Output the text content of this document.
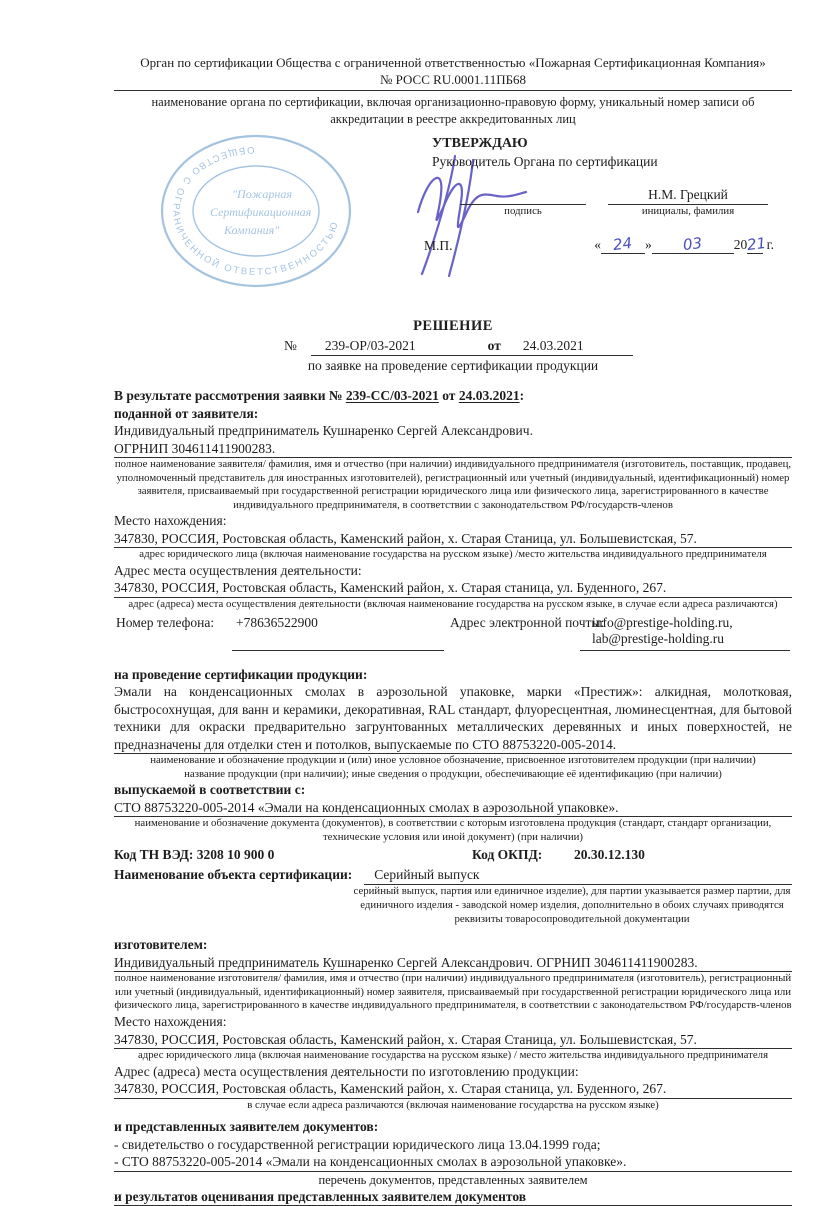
Орган по сертификации Общества с ограниченной ответственностью «Пожарная Сертификационная Компания»
№ РОСС RU.0001.11ПБ68
наименование органа по сертификации, включая организационно-правовую форму, уникальный номер записи об аккредитации в реестре аккредитованных лиц
ОБЩЕСТВО С ОГРАНИЧЕННОЙ ОТВЕТСТВЕННОСТЬЮ
"Пожарная
Сертификационная
Компания"
УТВЕРЖДАЮ
Руководитель Органа по сертификации
подпись
Н.М. Грецкий
инициалы, фамилия
М.П.	« 24 » 03 2021 г.
РЕШЕНИЕ
№ 239-ОР/03-2021	от 24.03.2021
по заявке на проведение сертификации продукции
В результате рассмотрения заявки № 239-СС/03-2021 от 24.03.2021:
поданной от заявителя:
Индивидуальный предприниматель Кушнаренко Сергей Александрович.
ОГРНИП 304611411900283.
полное наименование заявителя/ фамилия, имя и отчество (при наличии) индивидуального предпринимателя (изготовитель, поставщик, продавец, уполномоченный представитель для иностранных изготовителей), регистрационный или учетный (индивидуальный, идентификационный) номер заявителя, присваиваемый при государственной регистрации юридического лица или физического лица, зарегистрированного в качестве индивидуального предпринимателя, в соответствии с законодательством РФ/государств-членов
Место нахождения:
347830, РОССИЯ, Ростовская область, Каменский район, х. Старая Станица, ул. Большевистская, 57.
адрес юридического лица (включая наименование государства на русском языке) /место жительства индивидуального предпринимателя
Адрес места осуществления деятельности:
347830, РОССИЯ, Ростовская область, Каменский район, х. Старая станица, ул. Буденного, 267.
адрес (адреса) места осуществления деятельности (включая наименование государства на русском языке, в случае если адреса различаются)
Номер телефона: +78636522900	Адрес электронной почты:
info@prestige-holding.ru,
lab@prestige-holding.ru
на проведение сертификации продукции:
Эмали на конденсационных смолах в аэрозольной упаковке, марки «Престиж»: алкидная, молотковая, быстросохнущая, для ванн и керамики, декоративная, RAL стандарт, флуоресцентная, люминесцентная, для бытовой техники для окраски предварительно загрунтованных металлических деревянных и иных поверхностей, не предназначены для отделки стен и потолков, выпускаемые по СТО 88753220-005-2014.
наименование и обозначение продукции и (или) иное условное обозначение, присвоенное изготовителем продукции (при наличии)
название продукции (при наличии); иные сведения о продукции, обеспечивающие её идентификацию (при наличии)
выпускаемой в соответствии с:
СТО 88753220-005-2014 «Эмали на конденсационных смолах в аэрозольной упаковке».
наименование и обозначение документа (документов), в соответствии с которым изготовлена продукция (стандарт, стандарт организации, технические условия или иной документ) (при наличии)
Код ТН ВЭД: 3208 10 900 0	Код ОКПД: 20.30.12.130
Наименование объекта сертификации:	Серийный выпуск
серийный выпуск, партия или единичное изделие), для партии указывается размер партии, для единичного изделия - заводской номер изделия, дополнительно в обоих случаях приводятся реквизиты товаросопроводительной документации
изготовителем:
Индивидуальный предприниматель Кушнаренко Сергей Александрович. ОГРНИП 304611411900283.
полное наименование изготовителя/ фамилия, имя и отчество (при наличии) индивидуального предпринимателя (изготовитель), регистрационный или учетный (индивидуальный, идентификационный) номер заявителя, присваиваемый при государственной регистрации юридического лица или физического лица, зарегистрированного в качестве индивидуального предпринимателя, в соответствии с законодательством РФ/государств-членов
Место нахождения:
347830, РОССИЯ, Ростовская область, Каменский район, х. Старая Станица, ул. Большевистская, 57.
адрес юридического лица (включая наименование государства на русском языке) / место жительства индивидуального предпринимателя
Адрес (адреса) места осуществления деятельности по изготовлению продукции:
347830, РОССИЯ, Ростовская область, Каменский район, х. Старая станица, ул. Буденного, 267.
в случае если адреса различаются (включая наименование государства на русском языке)
и представленных заявителем документов:
- свидетельство о государственной регистрации юридического лица 13.04.1999 года;
- СТО 88753220-005-2014 «Эмали на конденсационных смолах в аэрозольной упаковке».
перечень документов, представленных заявителем
и результатов оценивания представленных заявителем документов
